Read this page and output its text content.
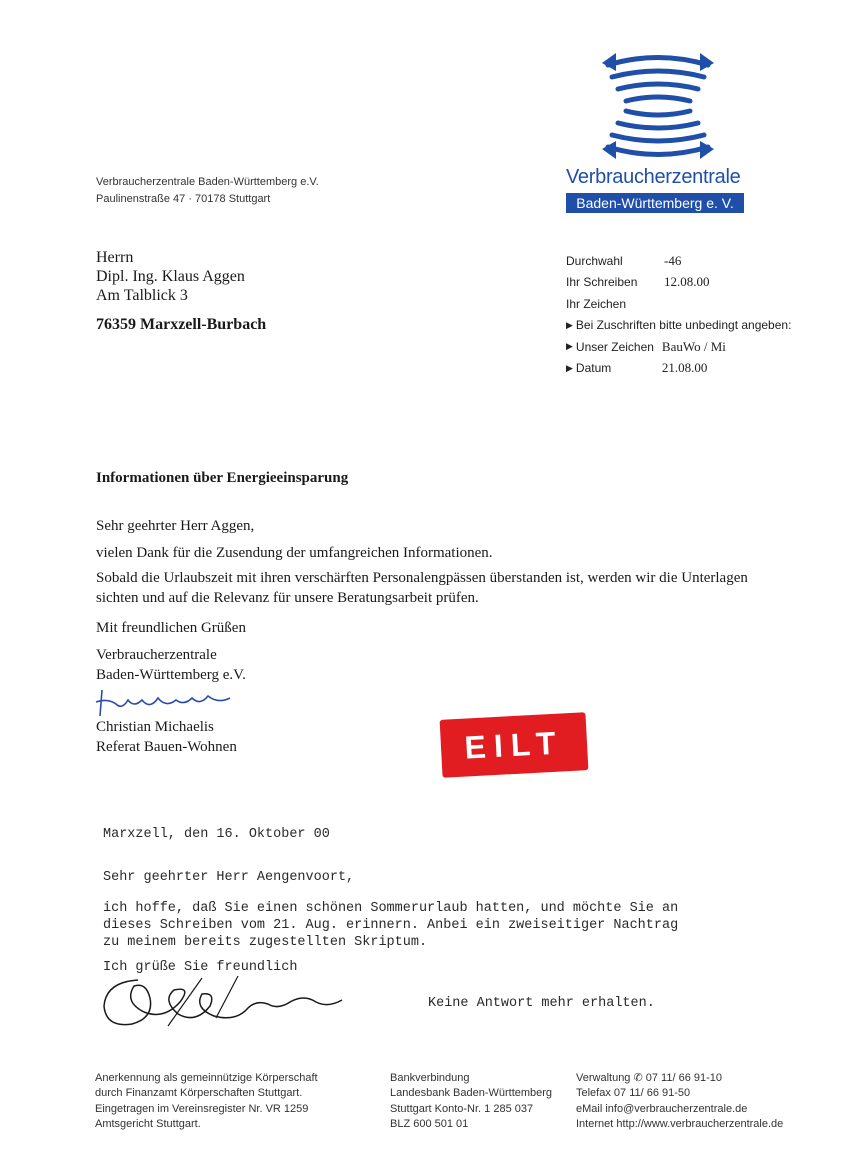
Verbraucherzentrale Baden-Württemberg e.V.
Paulinenstraße 47 · 70178 Stuttgart
Verbraucherzentrale
Baden-Württemberg e. V.
Herrn
Dipl. Ing. Klaus Aggen
Am Talblick 3
76359 Marxzell-Burbach
Durchwahl	-46
Ihr Schreiben	12.08.00
Ihr Zeichen
▶ Bei Zuschriften bitte unbedingt angeben:
▶ Unser Zeichen BauWo / Mi
▶ Datum	21.08.00
Informationen über Energieeinsparung
Sehr geehrter Herr Aggen,
vielen Dank für die Zusendung der umfangreichen Informationen.
Sobald die Urlaubszeit mit ihren verschärften Personalengpässen überstanden ist, werden wir die Unterlagen sichten und auf die Relevanz für unsere Beratungsarbeit prüfen.
Mit freundlichen Grüßen
Verbraucherzentrale
Baden-Württemberg e.V.
Christian Michaelis
Referat Bauen-Wohnen	EILT
Marxzell, den 16. Oktober 00
Sehr geehrter Herr Aengenvoort,
ich hoffe, daß Sie einen schönen Sommerurlaub hatten, und möchte Sie an
dieses Schreiben vom 21. Aug. erinnern. Anbei ein zweiseitiger Nachtrag
zu meinem bereits zugestellten Skriptum.
Ich grüße Sie freundlich
Keine Antwort mehr erhalten.
Anerkennung als gemeinnützige Körperschaft
durch Finanzamt Körperschaften Stuttgart.
Eingetragen im Vereinsregister Nr. VR 1259
Amtsgericht Stuttgart.
Bankverbindung
Landesbank Baden-Württemberg
Stuttgart Konto-Nr. 1 285 037
BLZ 600 501 01
Verwaltung ✆ 07 11/ 66 91-10
Telefax 07 11/ 66 91-50
eMail info@verbraucherzentrale.de
Internet http://www.verbraucherzentrale.de
